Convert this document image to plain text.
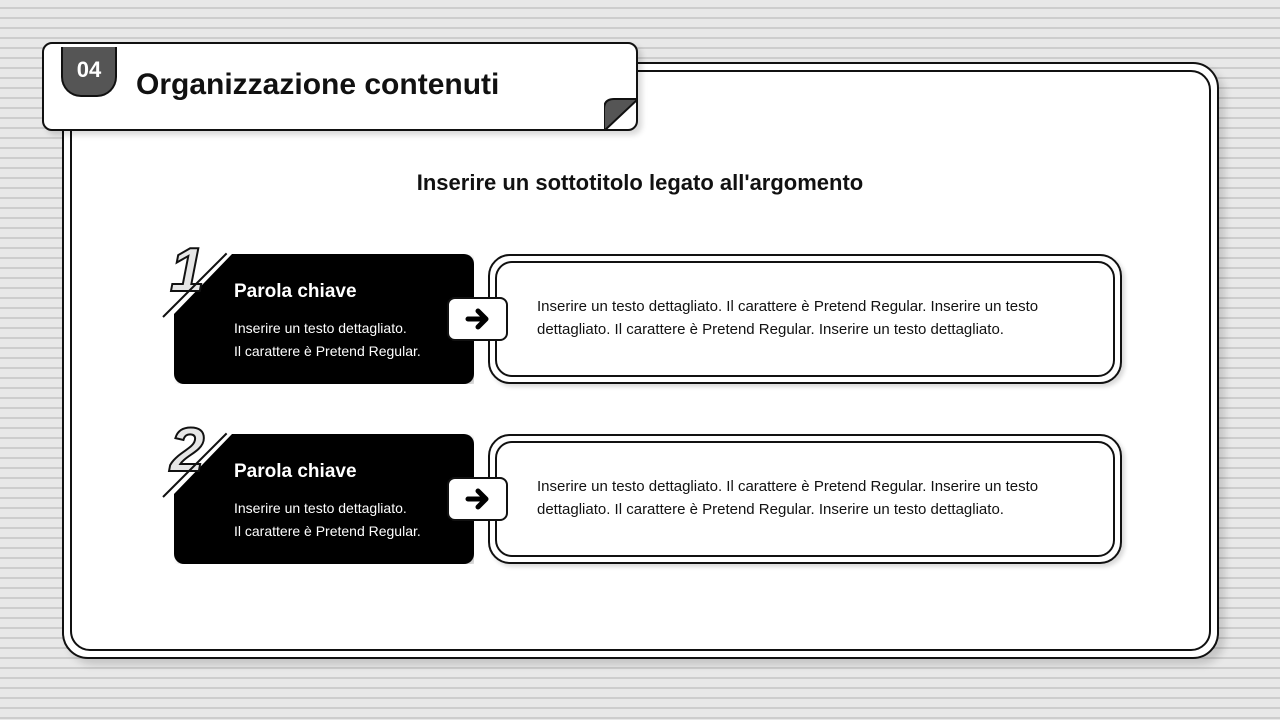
04	Organizzazione contenuti
Inserire un sottotitolo legato all'argomento
1 Parola chiave
Inserire un testo dettagliato.
Il carattere è Pretend Regular.
Inserire un testo dettagliato. Il carattere è Pretend Regular. Inserire un testo dettagliato. Il carattere è Pretend Regular. Inserire un testo dettagliato.
2 Parola chiave
Inserire un testo dettagliato.
Il carattere è Pretend Regular.
Inserire un testo dettagliato. Il carattere è Pretend Regular. Inserire un testo dettagliato. Il carattere è Pretend Regular. Inserire un testo dettagliato.
